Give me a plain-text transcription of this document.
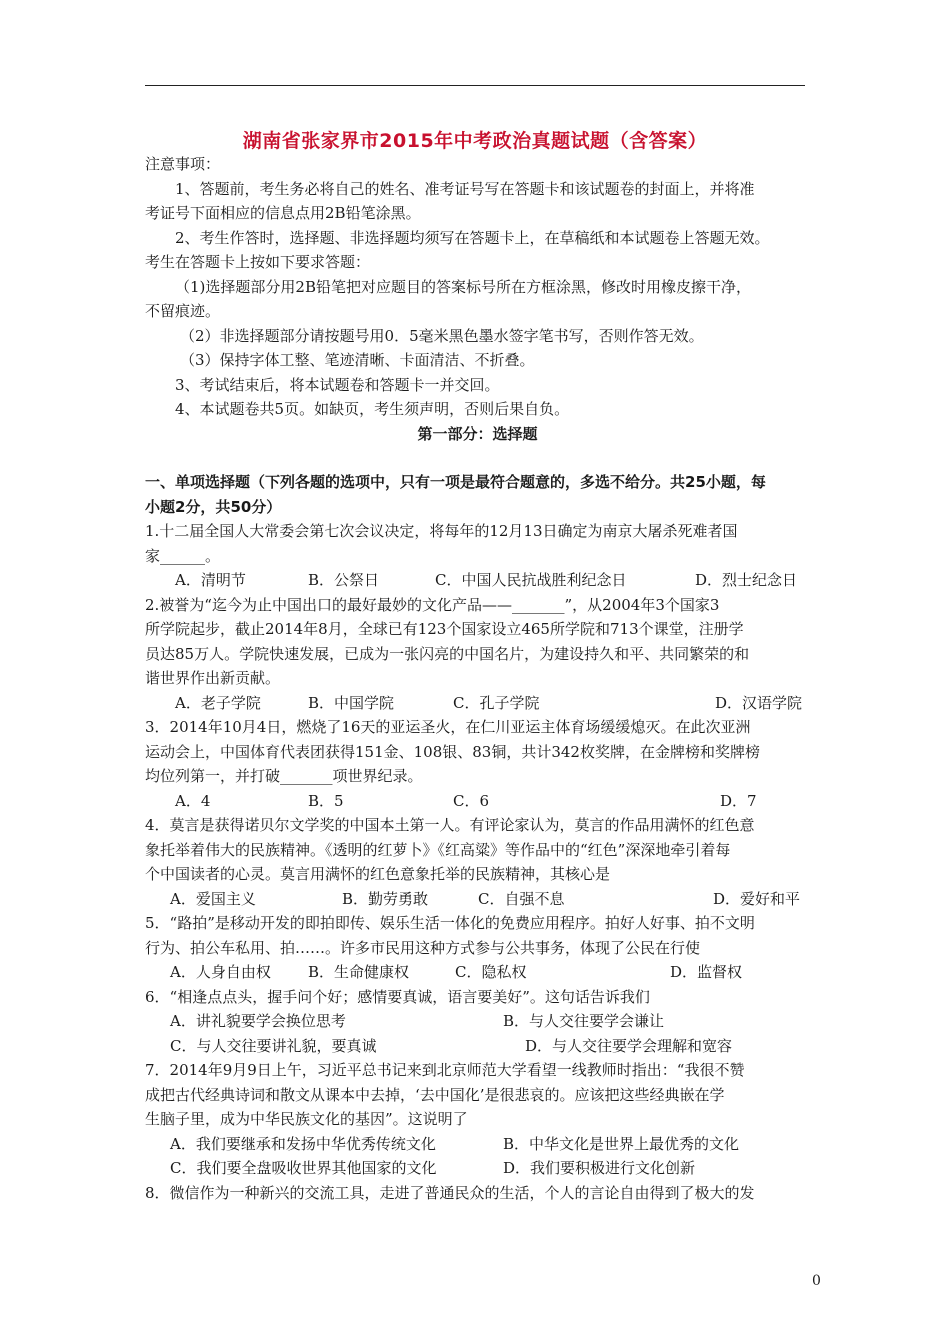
湖南省张家界市2015年中考政治真题试题（含答案）

注意事项：

1、答题前，考生务必将自己的姓名、准考证号写在答题卡和该试题卷的封面上，并将准

考证号下面相应的信息点用2B铅笔涂黑。

2、考生作答时，选择题、非选择题均须写在答题卡上，在草稿纸和本试题卷上答题无效。

考生在答题卡上按如下要求答题：

（1)选择题部分用2B铅笔把对应题目的答案标号所在方框涂黑，修改时用橡皮擦干净，

不留痕迹。

（2）非选择题部分请按题号用0．5毫米黑色墨水签字笔书写，否则作答无效。

（3）保持字体工整、笔迹清晰、卡面清洁、不折叠。

3、考试结束后，将本试题卷和答题卡一并交回。

4、本试题卷共5页。如缺页，考生须声明，否则后果自负。

第一部分：选择题

一、单项选择题（下列各题的选项中，只有一项是最符合题意的，多选不给分。共25小题，每

小题2分，共50分）

1.十二届全国人大常委会第七次会议决定，将每年的12月13日确定为南京大屠杀死难者国

家______。

A．清明节	B．公祭日	C．中国人民抗战胜利纪念日	D．烈士纪念日

2.被誉为“迄今为止中国出口的最好最妙的文化产品——_______”，从2004年3个国家3

所学院起步，截止2014年8月，全球已有123个国家设立465所学院和713个课堂，注册学

员达85万人。学院快速发展，已成为一张闪亮的中国名片，为建设持久和平、共同繁荣的和

谐世界作出新贡献。

A．老子学院	B．中国学院	C．孔子学院	D．汉语学院

3．2014年10月4日，燃烧了16天的亚运圣火，在仁川亚运主体育场缓缓熄灭。在此次亚洲

运动会上，中国体育代表团获得151金、108银、83铜，共计342枚奖牌，在金牌榜和奖牌榜

均位列第一，并打破_______项世界纪录。

A．4	B．5	C．6	D．7

4．莫言是获得诺贝尔文学奖的中国本土第一人。有评论家认为，莫言的作品用满怀的红色意

象托举着伟大的民族精神。《透明的红萝卜》《红高粱》等作品中的“红色”深深地牵引着每

个中国读者的心灵。莫言用满怀的红色意象托举的民族精神，其核心是

A．爱国主义	B．勤劳勇敢	C．自强不息	D．爱好和平

5．“路拍”是移动开发的即拍即传、娱乐生活一体化的免费应用程序。拍好人好事、拍不文明

行为、拍公车私用、拍……。许多市民用这种方式参与公共事务，体现了公民在行使

A．人身自由权 B．生命健康权	C．隐私权	D．监督权

6．“相逢点点头，握手问个好；感情要真诚，语言要美好”。这句话告诉我们

A．讲礼貌要学会换位思考	B．与人交往要学会谦让
C．与人交往要讲礼貌，要真诚	D．与人交往要学会理解和宽容

7．2014年9月9日上午，习近平总书记来到北京师范大学看望一线教师时指出：“我很不赞

成把古代经典诗词和散文从课本中去掉，‘去中国化’是很悲哀的。应该把这些经典嵌在学

生脑子里，成为中华民族文化的基因”。这说明了

A．我们要继承和发扬中华优秀传统文化	B．中华文化是世界上最优秀的文化
C．我们要全盘吸收世界其他国家的文化	D．我们要积极进行文化创新

8．微信作为一种新兴的交流工具，走进了普通民众的生活，个人的言论自由得到了极大的发

0
